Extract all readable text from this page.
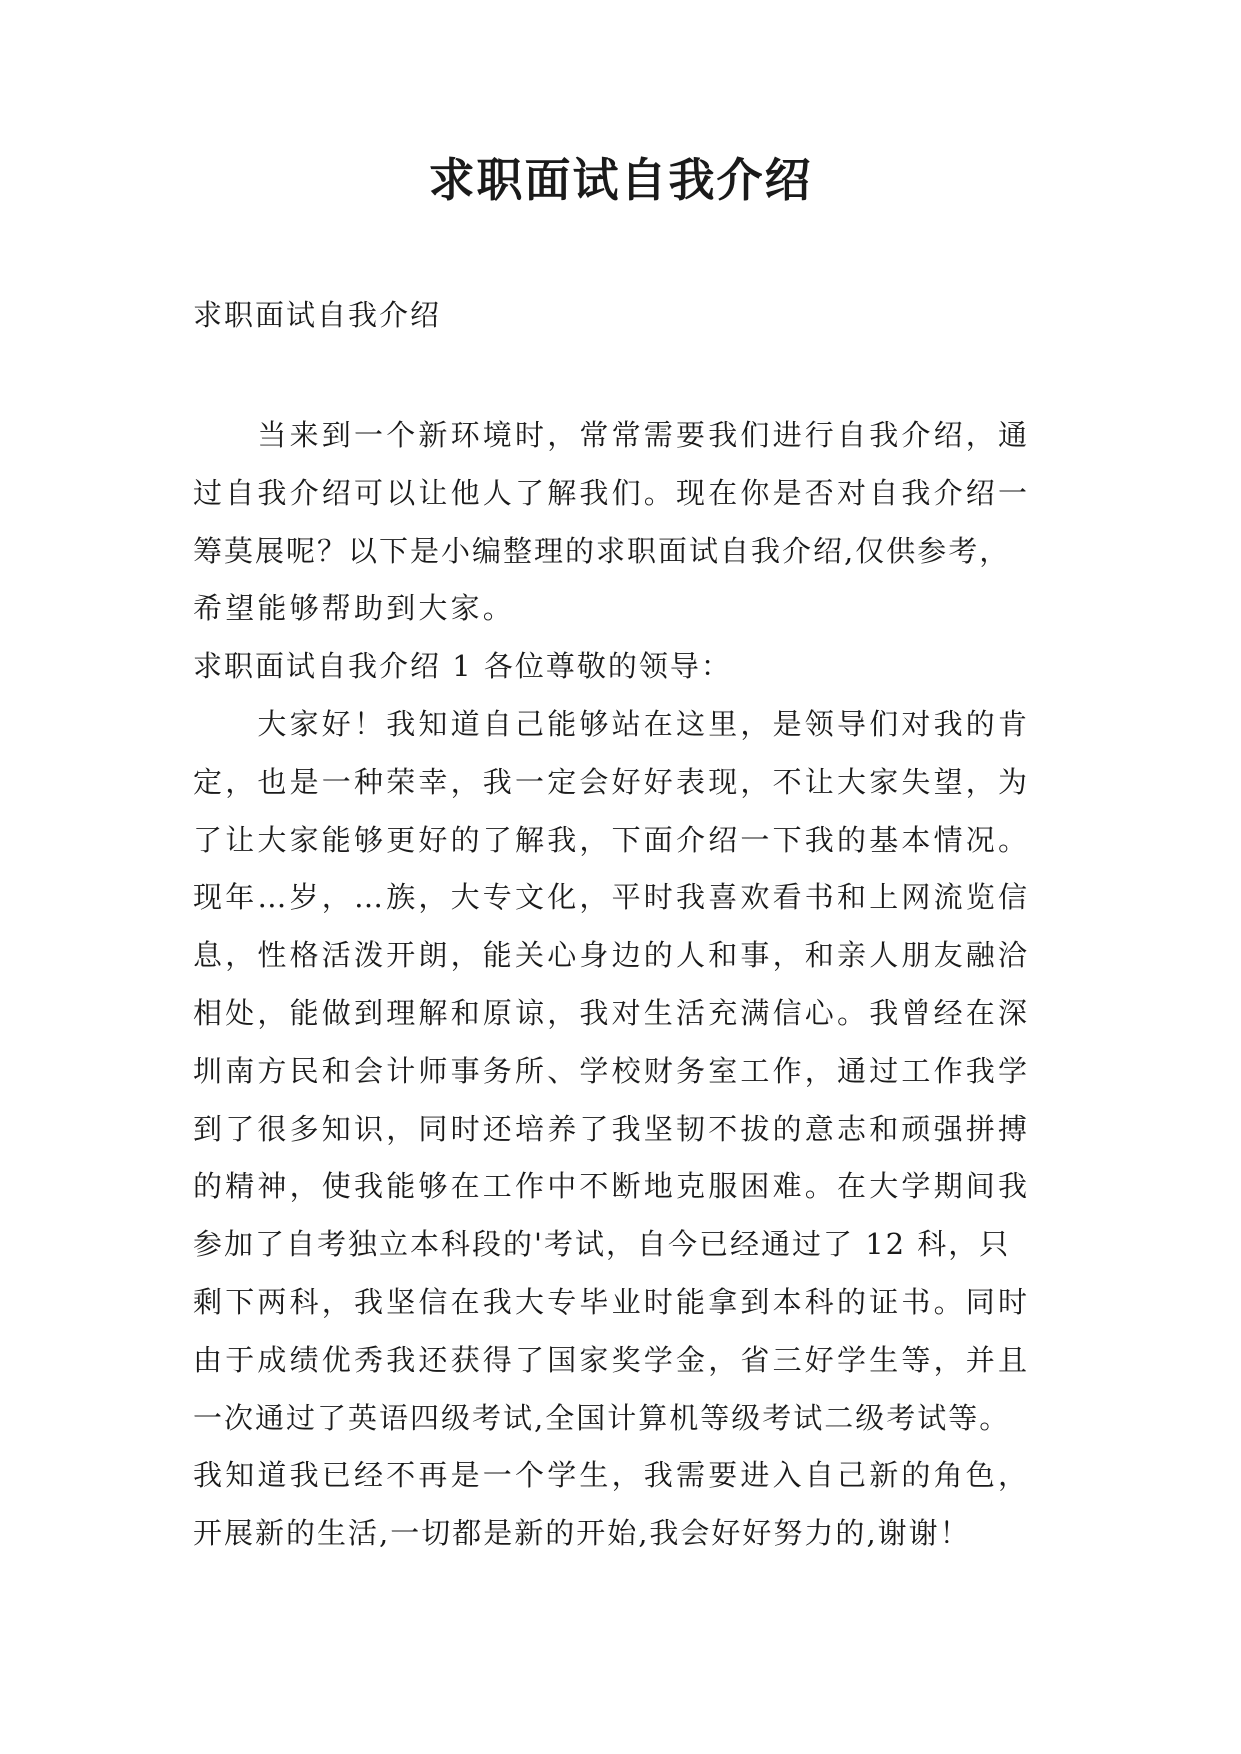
求职面试自我介绍

求职面试自我介绍

　　当来到一个新环境时，常常需要我们进行自我介绍，通
过自我介绍可以让他人了解我们。现在你是否对自我介绍一
筹莫展呢？以下是小编整理的求职面试自我介绍,仅供参考，
希望能够帮助到大家。
求职面试自我介绍 1 各位尊敬的领导：
　　大家好！我知道自己能够站在这里，是领导们对我的肯
定，也是一种荣幸，我一定会好好表现，不让大家失望，为
了让大家能够更好的了解我，下面介绍一下我的基本情况。
现年…岁，…族，大专文化，平时我喜欢看书和上网流览信
息，性格活泼开朗，能关心身边的人和事，和亲人朋友融洽
相处，能做到理解和原谅，我对生活充满信心。我曾经在深
圳南方民和会计师事务所、学校财务室工作，通过工作我学
到了很多知识，同时还培养了我坚韧不拔的意志和顽强拼搏
的精神，使我能够在工作中不断地克服困难。在大学期间我
参加了自考独立本科段的'考试，自今已经通过了 12 科，只
剩下两科，我坚信在我大专毕业时能拿到本科的证书。同时
由于成绩优秀我还获得了国家奖学金，省三好学生等，并且
一次通过了英语四级考试,全国计算机等级考试二级考试等。
我知道我已经不再是一个学生，我需要进入自己新的角色，
开展新的生活,一切都是新的开始,我会好好努力的,谢谢！
